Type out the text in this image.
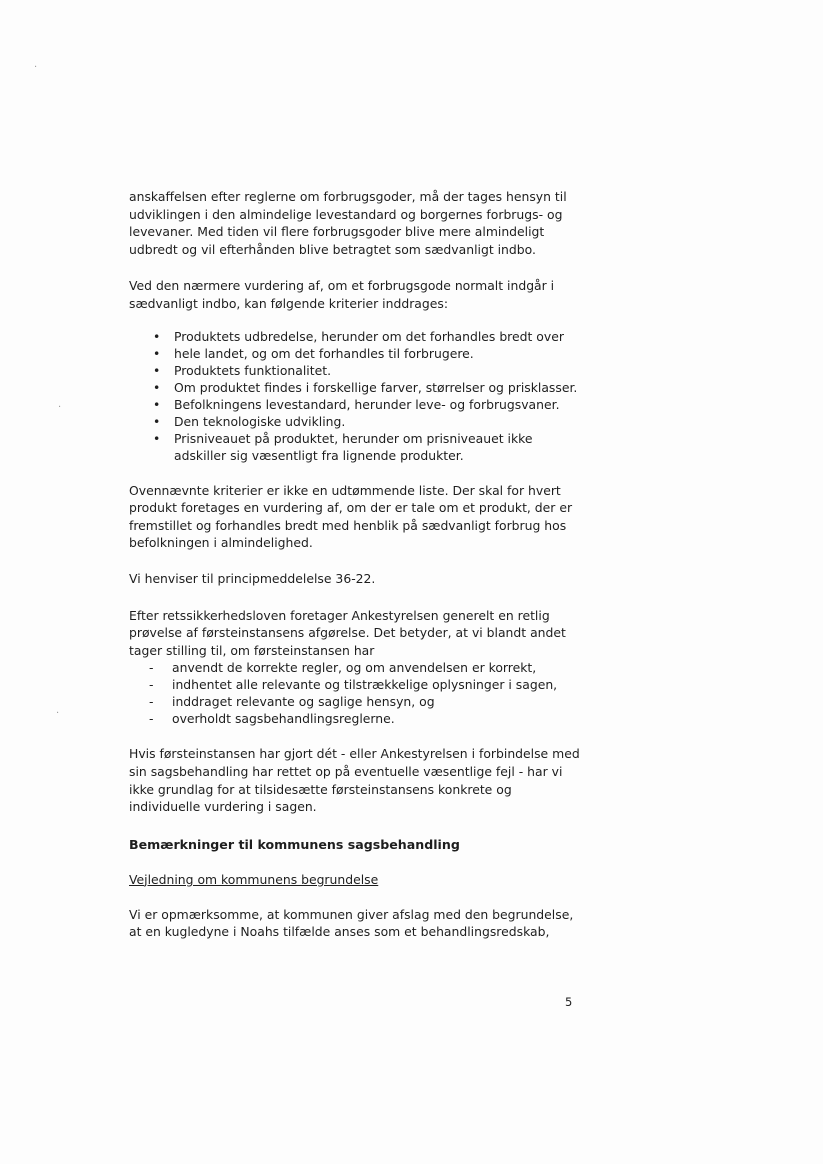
anskaffelsen efter reglerne om forbrugsgoder, må der tages hensyn til udviklingen i den almindelige levestandard og borgernes forbrugs- og levevaner. Med tiden vil flere forbrugsgoder blive mere almindeligt udbredt og vil efterhånden blive betragtet som sædvanligt indbo.

Ved den nærmere vurdering af, om et forbrugsgode normalt indgår i sædvanligt indbo, kan følgende kriterier inddrages:

• Produktets udbredelse, herunder om det forhandles bredt over
• hele landet, og om det forhandles til forbrugere.
• Produktets funktionalitet.
• Om produktet findes i forskellige farver, størrelser og prisklasser.
• Befolkningens levestandard, herunder leve- og forbrugsvaner.
• Den teknologiske udvikling.
• Prisniveauet på produktet, herunder om prisniveauet ikke adskiller sig væsentligt fra lignende produkter.

Ovennævnte kriterier er ikke en udtømmende liste. Der skal for hvert produkt foretages en vurdering af, om der er tale om et produkt, der er fremstillet og forhandles bredt med henblik på sædvanligt forbrug hos befolkningen i almindelighed.

Vi henviser til principmeddelelse 36-22.

Efter retssikkerhedsloven foretager Ankestyrelsen generelt en retlig prøvelse af førsteinstansens afgørelse. Det betyder, at vi blandt andet tager stilling til, om førsteinstansen har

- anvendt de korrekte regler, og om anvendelsen er korrekt,
- indhentet alle relevante og tilstrækkelige oplysninger i sagen,
- inddraget relevante og saglige hensyn, og
- overholdt sagsbehandlingsreglerne.

Hvis førsteinstansen har gjort dét - eller Ankestyrelsen i forbindelse med sin sagsbehandling har rettet op på eventuelle væsentlige fejl - har vi ikke grundlag for at tilsidesætte førsteinstansens konkrete og individuelle vurdering i sagen.

Bemærkninger til kommunens sagsbehandling

Vejledning om kommunens begrundelse

Vi er opmærksomme, at kommunen giver afslag med den begrundelse, at en kugledyne i Noahs tilfælde anses som et behandlingsredskab,

5
·
·
·
